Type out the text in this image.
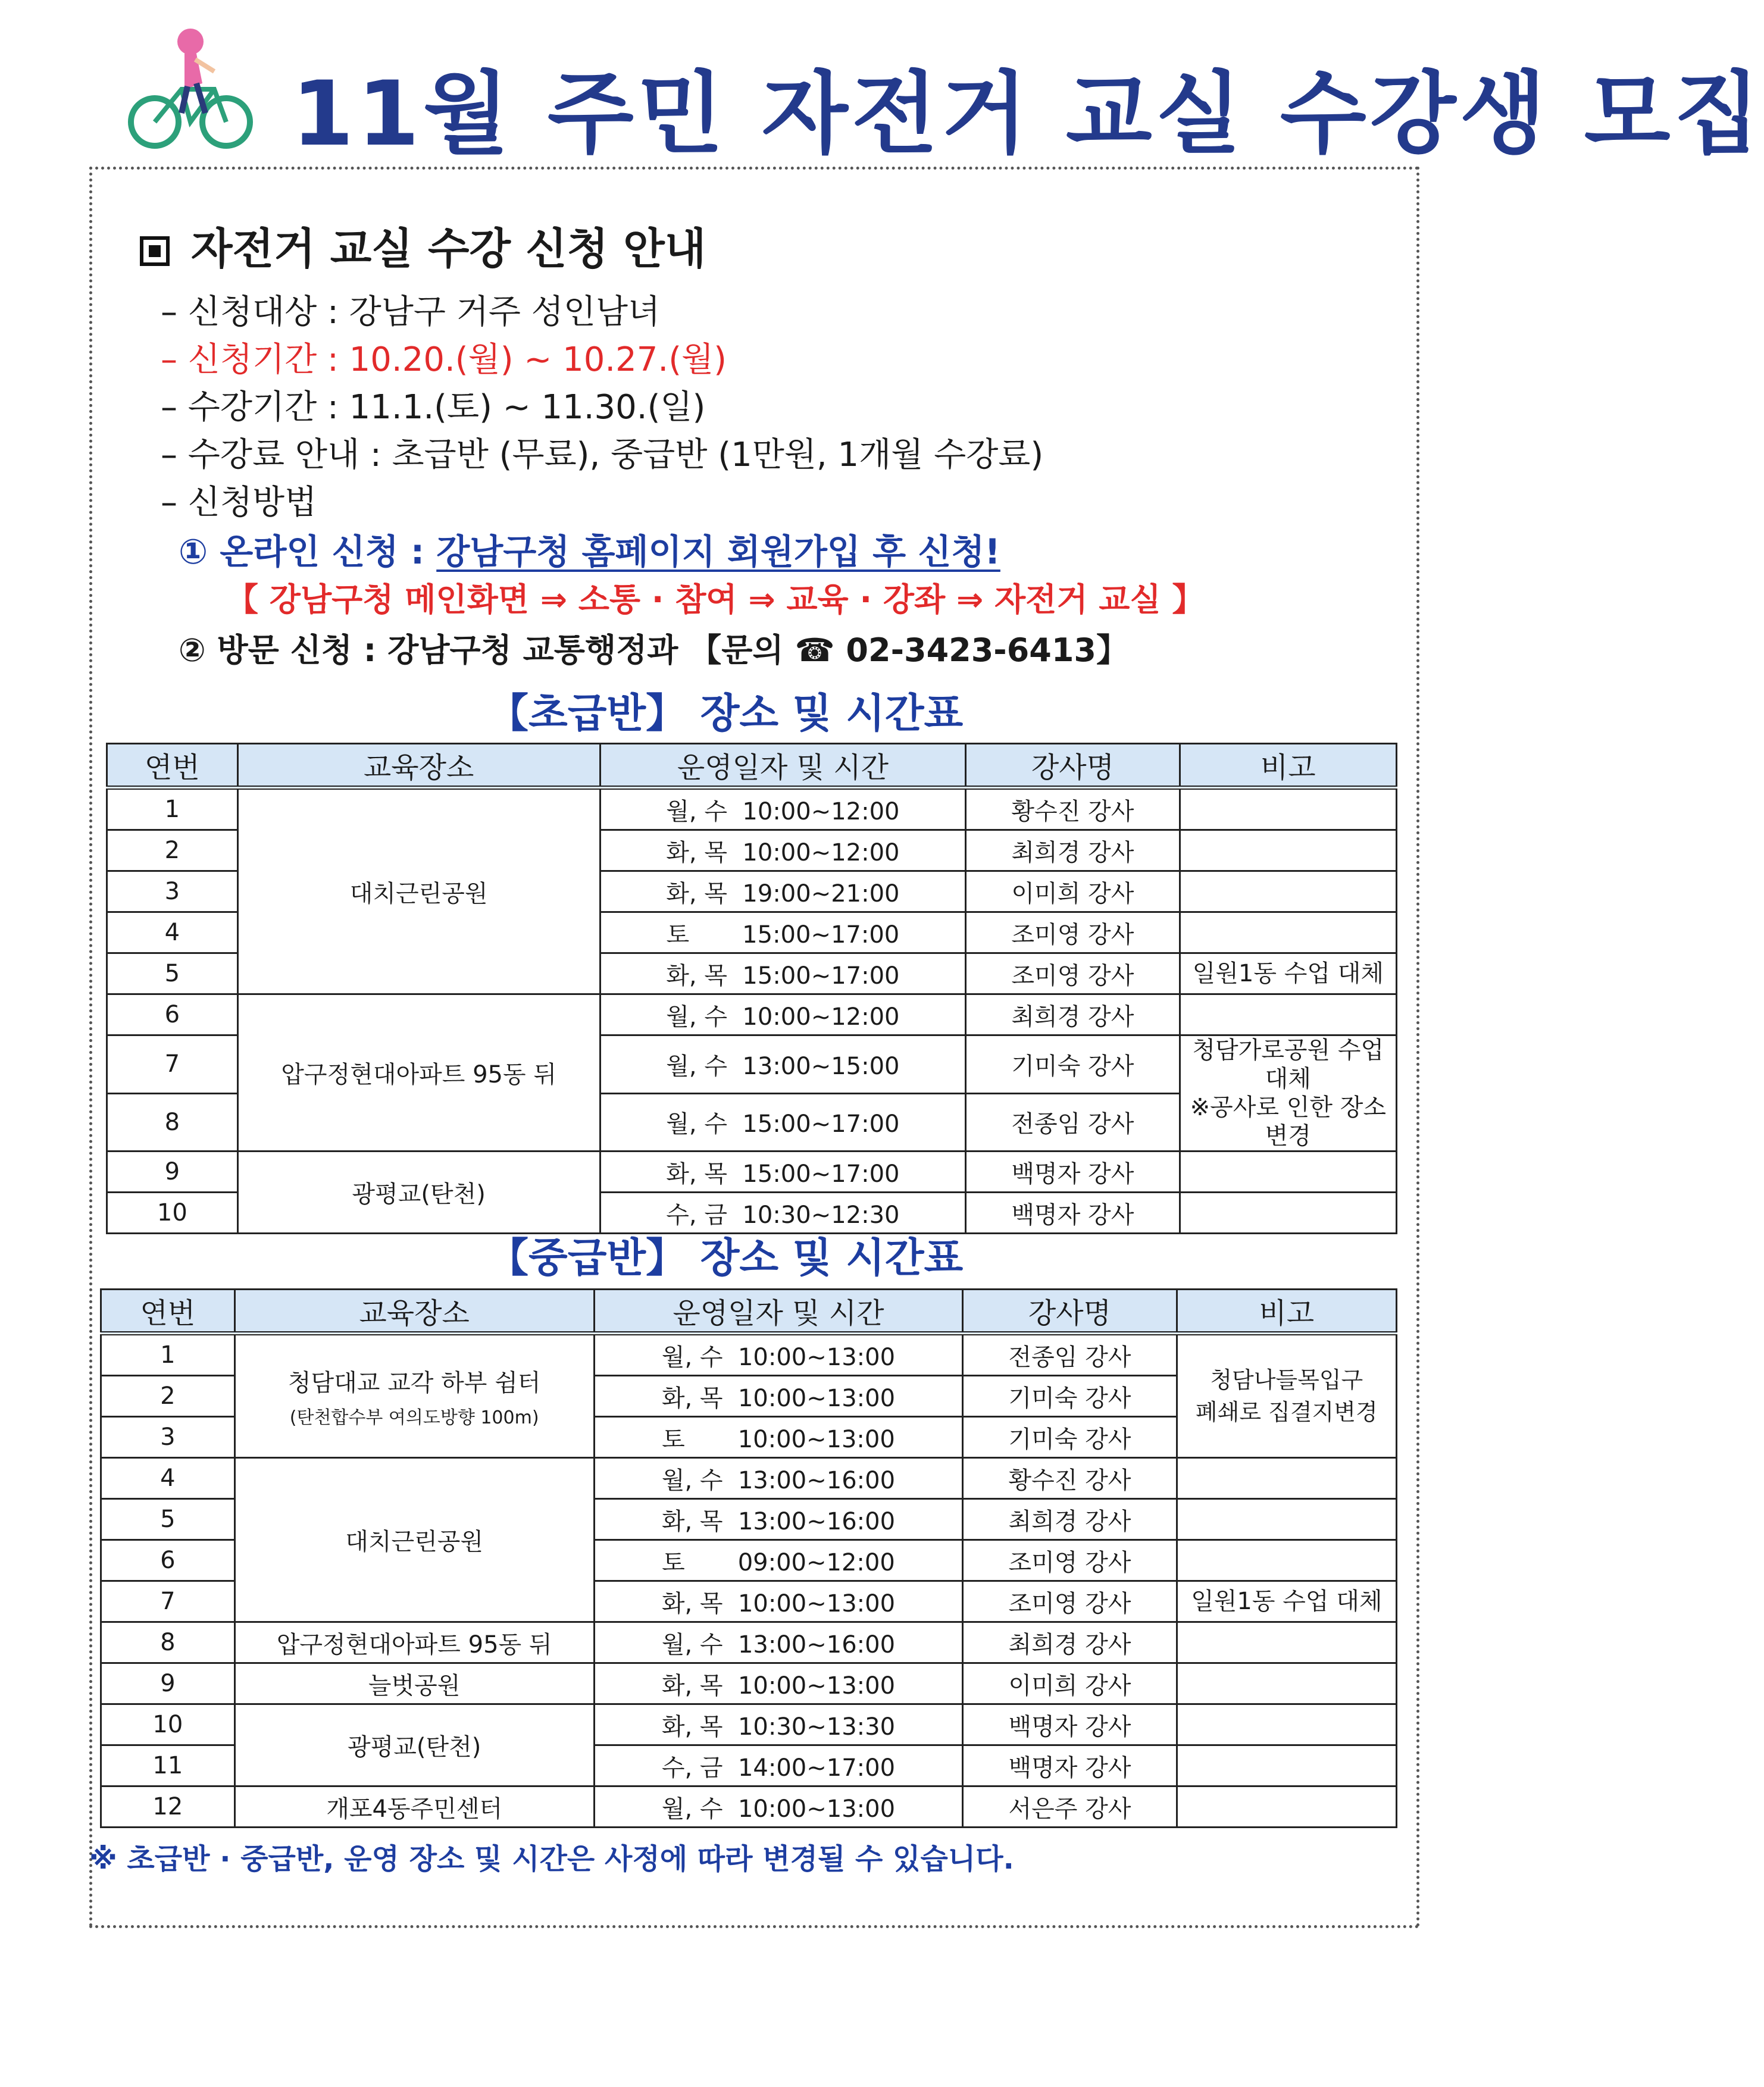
11월 주민 자전거 교실 수강생 모집
자전거 교실 수강 신청 안내
– 신청대상 : 강남구 거주 성인남녀
– 신청기간 : 10.20.(월) ~ 10.27.(월)
– 수강기간 : 11.1.(토) ~ 11.30.(일)
– 수강료 안내 : 초급반 (무료), 중급반 (1만원, 1개월 수강료)
– 신청방법
① 온라인 신청 : 강남구청 홈페이지 회원가입 후 신청!
【 강남구청 메인화면 ⇒ 소통 · 참여 ⇒ 교육 · 강좌 ⇒ 자전거 교실 】
② 방문 신청 : 강남구청 교통행정과 【문의 ☎ 02-3423-6413】
【초급반】 장소 및 시간표
연번	교육장소	운영일자 및 시간	강사명	비고
1	대치근린공원	월, 수  10:00~12:00	황수진 강사	
2		화, 목  10:00~12:00	최희경 강사	
3		화, 목  19:00~21:00	이미희 강사	
4		토       15:00~17:00	조미영 강사	
5		화, 목  15:00~17:00	조미영 강사	일원1동 수업 대체
6	압구정현대아파트 95동 뒤	월, 수  10:00~12:00	최희경 강사	
7		월, 수  13:00~15:00	기미숙 강사	청담가로공원 수업 대체
※공사로 인한 장소변경
8		월, 수  15:00~17:00	전종임 강사	
9	광평교(탄천)	화, 목  15:00~17:00	백명자 강사	
10		수, 금  10:30~12:30	백명자 강사	
【중급반】 장소 및 시간표
연번	교육장소	운영일자 및 시간	강사명	비고
1	청담대교 교각 하부 쉼터
(탄천합수부 여의도방향 100m)	월, 수  10:00~13:00	전종임 강사	청담나들목입구
폐쇄로 집결지변경
2		화, 목  10:00~13:00	기미숙 강사	
3		토       10:00~13:00	기미숙 강사	
4	대치근린공원	월, 수  13:00~16:00	황수진 강사	
5		화, 목  13:00~16:00	최희경 강사	
6		토       09:00~12:00	조미영 강사	
7		화, 목  10:00~13:00	조미영 강사	일원1동 수업 대체
8	압구정현대아파트 95동 뒤	월, 수  13:00~16:00	최희경 강사	
9	늘벗공원	화, 목  10:00~13:00	이미희 강사	
10	광평교(탄천)	화, 목  10:30~13:30	백명자 강사	
11		수, 금  14:00~17:00	백명자 강사	
12	개포4동주민센터	월, 수  10:00~13:00	서은주 강사	
※ 초급반 · 중급반, 운영 장소 및 시간은 사정에 따라 변경될 수 있습니다.
